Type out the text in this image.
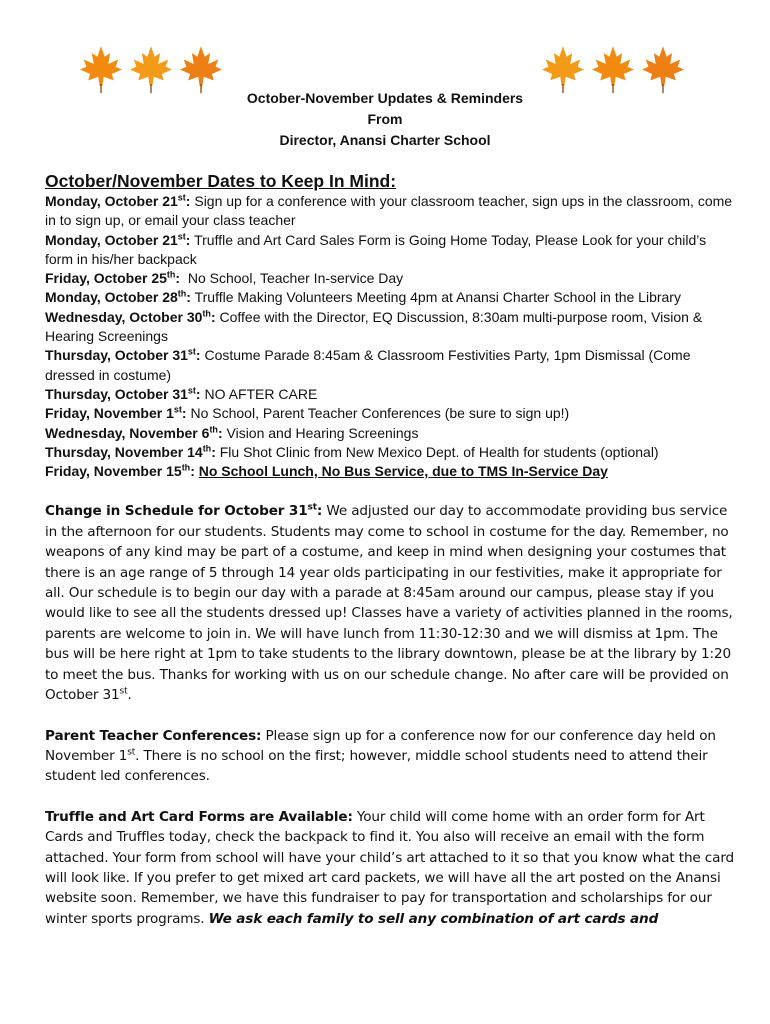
October-November Updates & Reminders
From
Director, Anansi Charter School
October/November Dates to Keep In Mind:

Monday, October 21st: Sign up for a conference with your classroom teacher, sign ups in the classroom, come in to sign up, or email your class teacher

Monday, October 21st: Truffle and Art Card Sales Form is Going Home Today, Please Look for your child’s form in his/her backpack

Friday, October 25th:  No School, Teacher In-service Day

Monday, October 28th: Truffle Making Volunteers Meeting 4pm at Anansi Charter School in the Library

Wednesday, October 30th: Coffee with the Director, EQ Discussion, 8:30am multi-purpose room, Vision & Hearing Screenings

Thursday, October 31st: Costume Parade 8:45am & Classroom Festivities Party, 1pm Dismissal (Come dressed in costume)

Thursday, October 31st: NO AFTER CARE

Friday, November 1st: No School, Parent Teacher Conferences (be sure to sign up!)

Wednesday, November 6th: Vision and Hearing Screenings

Thursday, November 14th: Flu Shot Clinic from New Mexico Dept. of Health for students (optional)

Friday, November 15th: No School Lunch, No Bus Service, due to TMS In-Service Day

Change in Schedule for October 31st: We adjusted our day to accommodate providing bus service in the afternoon for our students. Students may come to school in costume for the day. Remember, no weapons of any kind may be part of a costume, and keep in mind when designing your costumes that there is an age range of 5 through 14 year olds participating in our festivities, make it appropriate for all. Our schedule is to begin our day with a parade at 8:45am around our campus, please stay if you would like to see all the students dressed up! Classes have a variety of activities planned in the rooms, parents are welcome to join in. We will have lunch from 11:30-12:30 and we will dismiss at 1pm. The bus will be here right at 1pm to take students to the library downtown, please be at the library by 1:20 to meet the bus. Thanks for working with us on our schedule change. No after care will be provided on October 31st.

Parent Teacher Conferences: Please sign up for a conference now for our conference day held on November 1st. There is no school on the first; however, middle school students need to attend their student led conferences.

Truffle and Art Card Forms are Available: Your child will come home with an order form for Art Cards and Truffles today, check the backpack to find it. You also will receive an email with the form attached. Your form from school will have your child’s art attached to it so that you know what the card will look like. If you prefer to get mixed art card packets, we will have all the art posted on the Anansi website soon. Remember, we have this fundraiser to pay for transportation and scholarships for our winter sports programs. We ask each family to sell any combination of art cards and
